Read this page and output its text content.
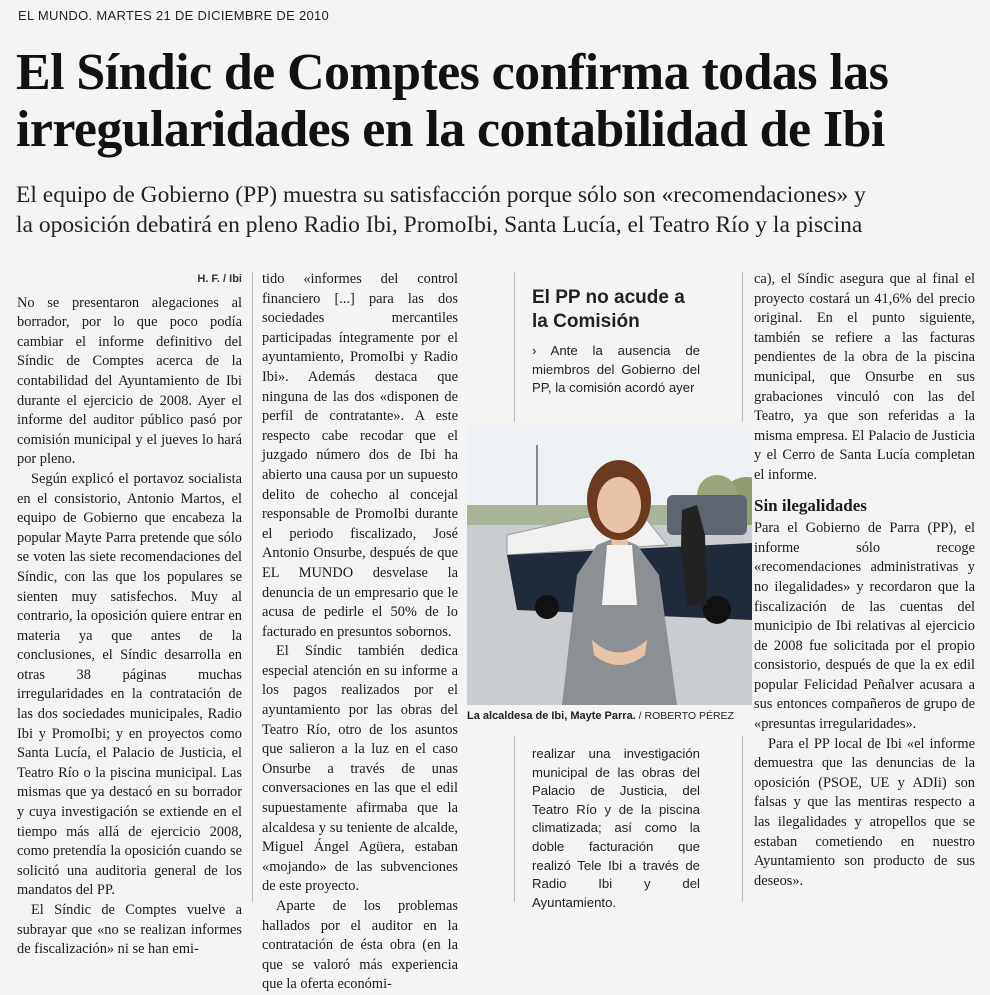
EL MUNDO. MARTES 21 DE DICIEMBRE DE 2010
El Síndic de Comptes confirma todas las
irregularidades en la contabilidad de Ibi
El equipo de Gobierno (PP) muestra su satisfacción porque sólo son «recomendaciones» y
la oposición debatirá en pleno Radio Ibi, PromoIbi, Santa Lucía, el Teatro Río y la piscina
H. F. / Ibi

No se presentaron alegaciones al borrador, por lo que poco podía cambiar el informe definitivo del Síndic de Comptes acerca de la contabilidad del Ayuntamiento de Ibi durante el ejercicio de 2008. Ayer el informe del auditor público pasó por comisión municipal y el jueves lo hará por pleno.

Según explicó el portavoz socialista en el consistorio, Antonio Martos, el equipo de Gobierno que encabeza la popular Mayte Parra pretende que sólo se voten las siete recomendaciones del Síndic, con las que los populares se sienten muy satisfechos. Muy al contrario, la oposición quiere entrar en materia ya que antes de la conclusiones, el Síndic desarrolla en otras 38 páginas muchas irregularidades en la contratación de las dos sociedades municipales, Radio Ibi y PromoIbi; y en proyectos como Santa Lucía, el Palacio de Justicia, el Teatro Río o la piscina municipal. Las mismas que ya destacó en su borrador y cuya investigación se extiende en el tiempo más allá de ejercicio 2008, como pretendía la oposición cuando se solicitó una auditoria general de los mandatos del PP.

El Síndic de Comptes vuelve a subrayar que «no se realizan informes de fiscalización» ni se han emi-

tido «informes del control financiero [...] para las dos sociedades mercantiles participadas íntegramente por el ayuntamiento, PromoIbi y Radio Ibi». Además destaca que ninguna de las dos «disponen de perfil de contratante». A este respecto cabe recodar que el juzgado número dos de Ibi ha abierto una causa por un supuesto delito de cohecho al concejal responsable de PromoIbi durante el periodo fiscalizado, José Antonio Onsurbe, después de que EL MUNDO desvelase la denuncia de un empresario que le acusa de pedirle el 50% de lo facturado en presuntos sobornos.

El Síndic también dedica especial atención en su informe a los pagos realizados por el ayuntamiento por las obras del Teatro Río, otro de los asuntos que salieron a la luz en el caso Onsurbe a través de unas conversaciones en las que el edil supuestamente afirmaba que la alcaldesa y su teniente de alcalde, Miguel Ángel Agüera, estaban «mojando» de las subvenciones de este proyecto.

Aparte de los problemas hallados por el auditor en la contratación de ésta obra (en la que se valoró más experiencia que la oferta económi-

El PP no acude a
la Comisión
› Ante la ausencia de miembros del Gobierno del PP, la comisión acordó ayer
La alcaldesa de Ibi, Mayte Parra. / ROBERTO PÉREZ
realizar una investigación municipal de las obras del Palacio de Justicia, del Teatro Río y de la piscina climatizada; así como la doble facturación que realizó Tele Ibi a través de Radio Ibi y del Ayuntamiento.

ca), el Síndic asegura que al final el proyecto costará un 41,6% del precio original. En el punto siguiente, también se refiere a las facturas pendientes de la obra de la piscina municipal, que Onsurbe en sus grabaciones vinculó con las del Teatro, ya que son referidas a la misma empresa. El Palacio de Justicia y el Cerro de Santa Lucía completan el informe.

Sin ilegalidades

Para el Gobierno de Parra (PP), el informe sólo recoge «recomendaciones administrativas y no ilegalidades» y recordaron que la fiscalización de las cuentas del municipio de Ibi relativas al ejercicio de 2008 fue solicitada por el propio consistorio, después de que la ex edil popular Felicidad Peñalver acusara a sus entonces compañeros de grupo de «presuntas irregularidades».

Para el PP local de Ibi «el informe demuestra que las denuncias de la oposición (PSOE, UE y ADIi) son falsas y que las mentiras respecto a las ilegalidades y atropellos que se estaban cometiendo en nuestro Ayuntamiento son producto de sus deseos».
